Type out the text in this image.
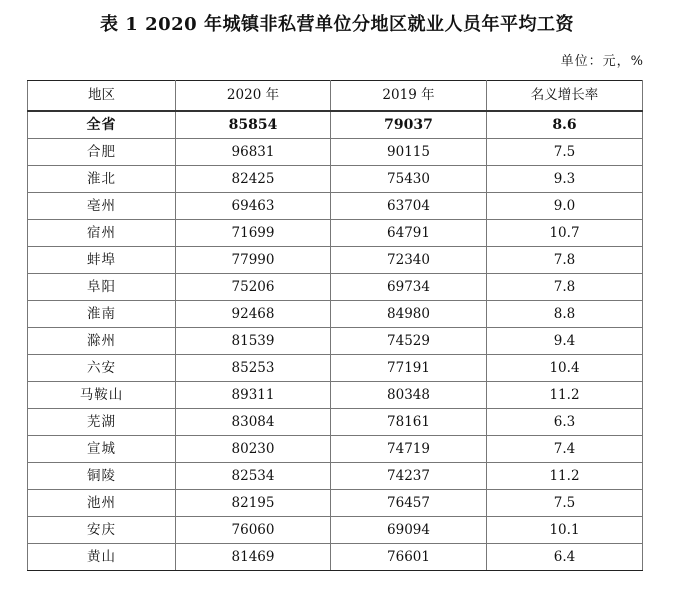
表 1 2020 年城镇非私营单位分地区就业人员年平均工资
单位：元，%
地区	2020 年	2019 年	名义增长率
全省	85854	79037	8.6
合肥	96831	90115	7.5
淮北	82425	75430	9.3
亳州	69463	63704	9.0
宿州	71699	64791	10.7
蚌埠	77990	72340	7.8
阜阳	75206	69734	7.8
淮南	92468	84980	8.8
滁州	81539	74529	9.4
六安	85253	77191	10.4
马鞍山	89311	80348	11.2
芜湖	83084	78161	6.3
宣城	80230	74719	7.4
铜陵	82534	74237	11.2
池州	82195	76457	7.5
安庆	76060	69094	10.1
黄山	81469	76601	6.4
